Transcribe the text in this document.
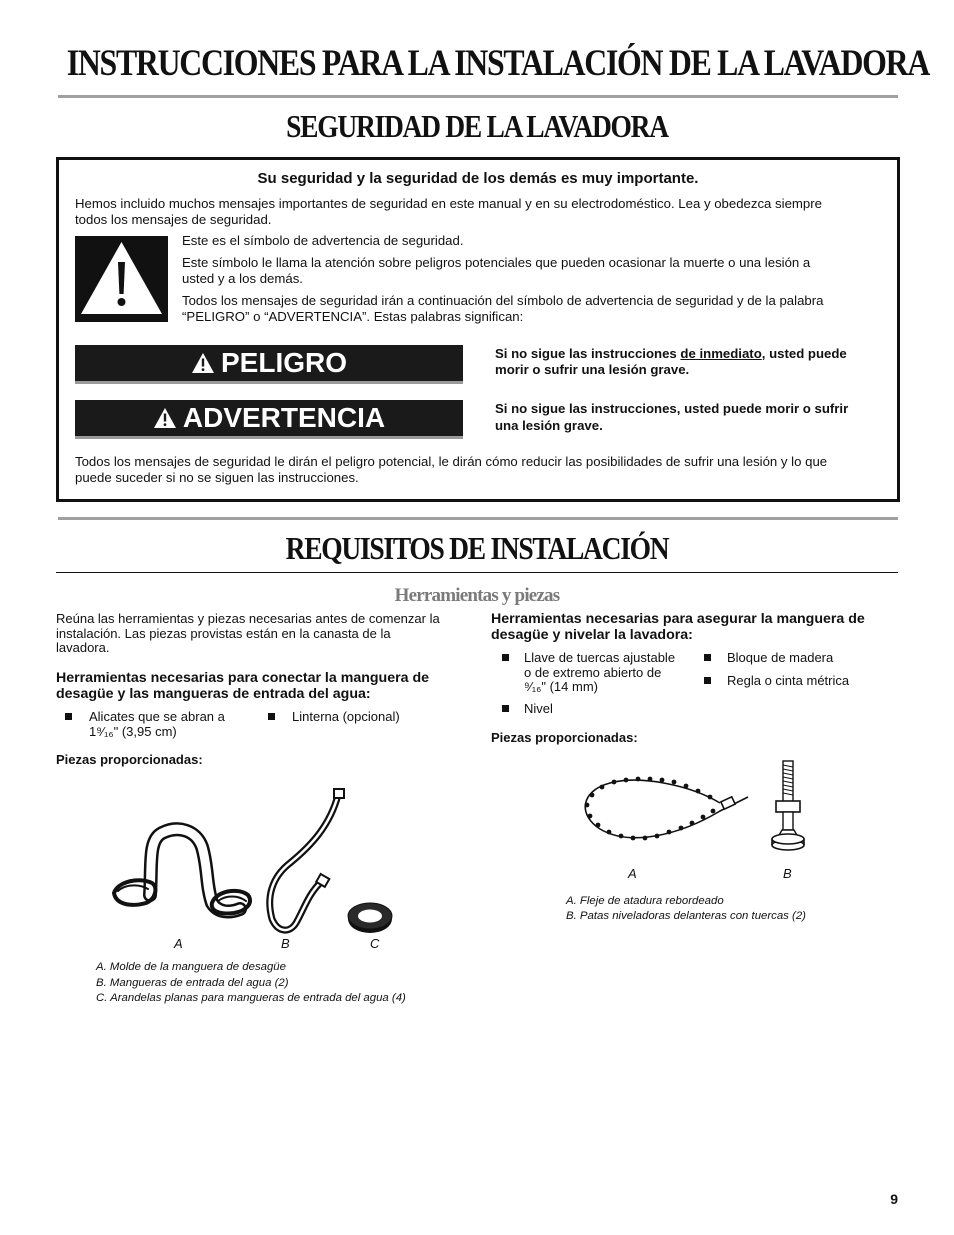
INSTRUCCIONES PARA LA INSTALACIÓN DE LA LAVADORA
SEGURIDAD DE LA LAVADORA
Su seguridad y la seguridad de los demás es muy importante.
Hemos incluido muchos mensajes importantes de seguridad en este manual y en su electrodoméstico. Lea y obedezca siempre
todos los mensajes de seguridad.
Este es el símbolo de advertencia de seguridad.
Este símbolo le llama la atención sobre peligros potenciales que pueden ocasionar la muerte o una lesión a
usted y a los demás.
Todos los mensajes de seguridad irán a continuación del símbolo de advertencia de seguridad y de la palabra
“PELIGRO” o “ADVERTENCIA”. Estas palabras significan:
PELIGRO	Si no sigue las instrucciones de inmediato, usted puede
morir o sufrir una lesión grave.
ADVERTENCIA	Si no sigue las instrucciones, usted puede morir o sufrir
una lesión grave.
Todos los mensajes de seguridad le dirán el peligro potencial, le dirán cómo reducir las posibilidades de sufrir una lesión y lo que
puede suceder si no se siguen las instrucciones.
REQUISITOS DE INSTALACIÓN
Herramientas y piezas
Reúna las herramientas y piezas necesarias antes de comenzar la
instalación. Las piezas provistas están en la canasta de la
lavadora.
Herramientas necesarias para conectar la manguera de
desagüe y las mangueras de entrada del agua:
Alicates que se abran a
1⁹⁄₁₆" (3,95 cm)
Linterna (opcional)
Piezas proporcionadas:
A	B	C
A. Molde de la manguera de desagüe
B. Mangueras de entrada del agua (2)
C. Arandelas planas para mangueras de entrada del agua (4)
Herramientas necesarias para asegurar la manguera de
desagüe y nivelar la lavadora:
Llave de tuercas ajustable
o de extremo abierto de
⁹⁄₁₆" (14 mm)
Bloque de madera
Regla o cinta métrica
Nivel
Piezas proporcionadas:
A	B
A. Fleje de atadura rebordeado
B. Patas niveladoras delanteras con tuercas (2)
9
